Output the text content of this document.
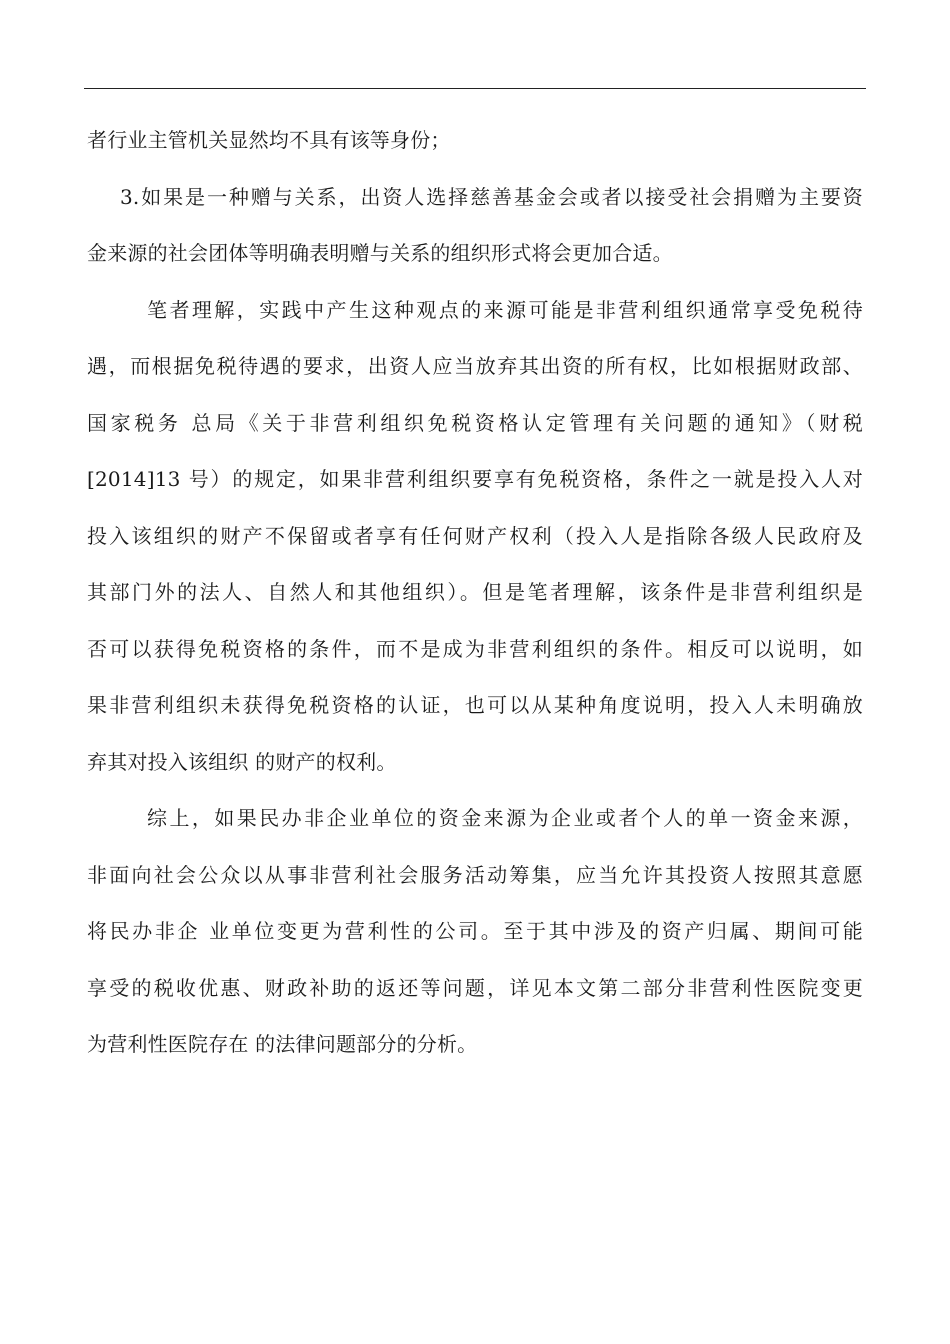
者行业主管机关显然均不具有该等身份；
3.如果是一种赠与关系，出资人选择慈善基金会或者以接受社会捐赠为主要资
金来源的社会团体等明确表明赠与关系的组织形式将会更加合适。
笔者理解，实践中产生这种观点的来源可能是非营利组织通常享受免税待
遇，而根据免税待遇的要求，出资人应当放弃其出资的所有权，比如根据财政部、
国家税务 总局《关于非营利组织免税资格认定管理有关问题的通知》（财税
[2014]13 号）的规定，如果非营利组织要享有免税资格，条件之一就是投入人对
投入该组织的财产不保留或者享有任何财产权利（投入人是指除各级人民政府及
其部门外的法人、自然人和其他组织）。但是笔者理解，该条件是非营利组织是
否可以获得免税资格的条件，而不是成为非营利组织的条件。相反可以说明，如
果非营利组织未获得免税资格的认证，也可以从某种角度说明，投入人未明确放
弃其对投入该组织 的财产的权利。
综上，如果民办非企业单位的资金来源为企业或者个人的单一资金来源，
非面向社会公众以从事非营利社会服务活动筹集，应当允许其投资人按照其意愿
将民办非企 业单位变更为营利性的公司。至于其中涉及的资产归属、期间可能
享受的税收优惠、财政补助的返还等问题，详见本文第二部分非营利性医院变更
为营利性医院存在 的法律问题部分的分析。
